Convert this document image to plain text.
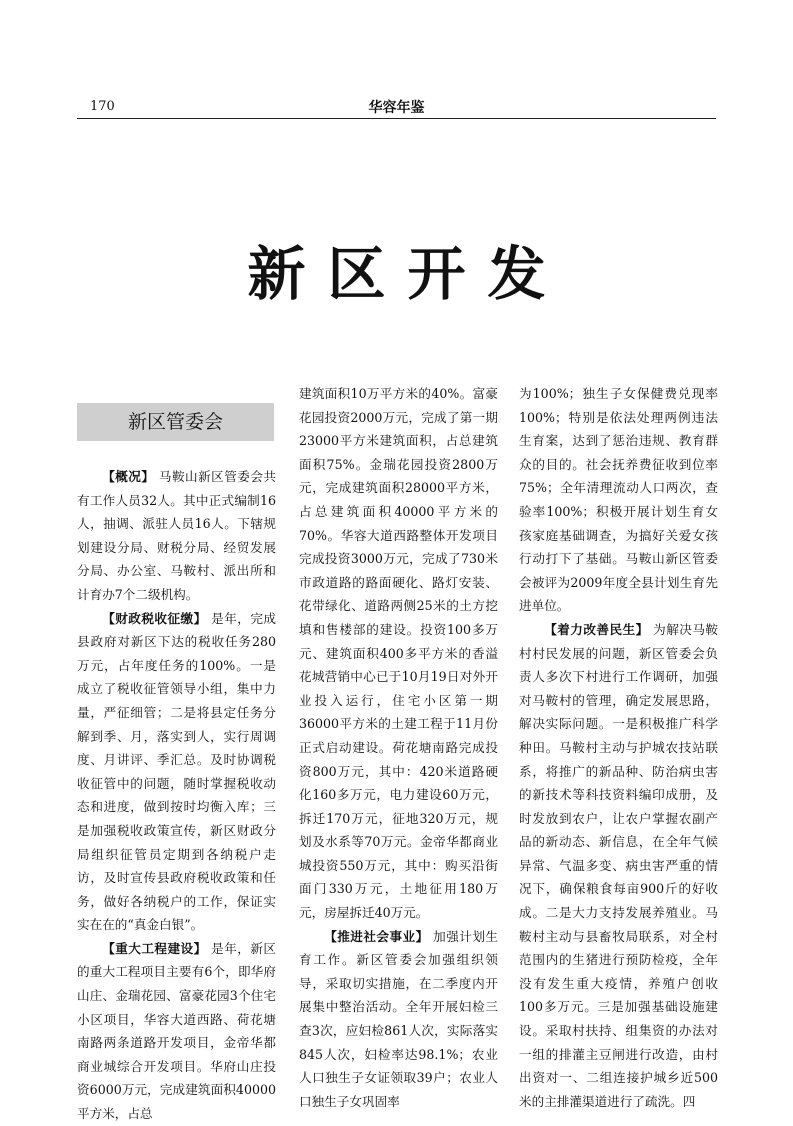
170	华容年鉴
新区开发
新区管委会

【概况】 马鞍山新区管委会共有工作人员32人。其中正式编制16人，抽调、派驻人员16人。下辖规划建设分局、财税分局、经贸发展分局、办公室、马鞍村、派出所和计育办7个二级机构。

【财政税收征缴】 是年，完成县政府对新区下达的税收任务280万元，占年度任务的100%。一是成立了税收征管领导小组，集中力量，严征细管；二是将县定任务分解到季、月，落实到人，实行周调度、月讲评、季汇总。及时协调税收征管中的问题，随时掌握税收动态和进度，做到按时均衡入库；三是加强税收政策宣传，新区财政分局组织征管员定期到各纳税户走访，及时宣传县政府税收政策和任务，做好各纳税户的工作，保证实实在在的“真金白银”。

【重大工程建设】 是年，新区的重大工程项目主要有6个，即华府山庄、金瑞花园、富豪花园3个住宅小区项目，华容大道西路、荷花塘南路两条道路开发项目，金帝华都商业城综合开发项目。华府山庄投资6000万元，完成建筑面积40000平方米，占总

建筑面积10万平方米的40%。富豪花园投资2000万元，完成了第一期23000平方米建筑面积，占总建筑面积75%。金瑞花园投资2800万元，完成建筑面积28000平方米，占总建筑面积40000平方米的70%。华容大道西路整体开发项目完成投资3000万元，完成了730米市政道路的路面硬化、路灯安装、花带绿化、道路两侧25米的土方挖填和售楼部的建设。投资100多万元、建筑面积400多平方米的香溢花城营销中心已于10月19日对外开业投入运行，住宅小区第一期36000平方米的土建工程于11月份正式启动建设。荷花塘南路完成投资800万元，其中：420米道路硬化160多万元，电力建设60万元，拆迁170万元，征地320万元，规划及水系等70万元。金帝华都商业城投资550万元，其中：购买沿街面门330万元，土地征用180万元，房屋拆迁40万元。

【推进社会事业】 加强计划生育工作。新区管委会加强组织领导，采取切实措施，在二季度内开展集中整治活动。全年开展妇检三查3次，应妇检861人次，实际落实845人次，妇检率达98.1%；农业人口独生子女证领取39户；农业人口独生子女巩固率

为100%；独生子女保健费兑现率100%；特别是依法处理两例违法生育案，达到了惩治违规、教育群众的目的。社会抚养费征收到位率75%；全年清理流动人口两次，查验率100%；积极开展计划生育女孩家庭基础调查，为搞好关爱女孩行动打下了基础。马鞍山新区管委会被评为2009年度全县计划生育先进单位。

【着力改善民生】 为解决马鞍村村民发展的问题，新区管委会负责人多次下村进行工作调研，加强对马鞍村的管理，确定发展思路，解决实际问题。一是积极推广科学种田。马鞍村主动与护城农技站联系，将推广的新品种、防治病虫害的新技术等科技资料编印成册，及时发放到农户，让农户掌握农副产品的新动态、新信息，在全年气候异常、气温多变、病虫害严重的情况下，确保粮食每亩900斤的好收成。二是大力支持发展养殖业。马鞍村主动与县畜牧局联系，对全村范围内的生猪进行预防检疫，全年没有发生重大疫情，养殖户创收100多万元。三是加强基础设施建设。采取村扶持、组集资的办法对一组的排灌主豆闸进行改造，由村出资对一、二组连接护城乡近500米的主排灌渠道进行了疏洗。四
